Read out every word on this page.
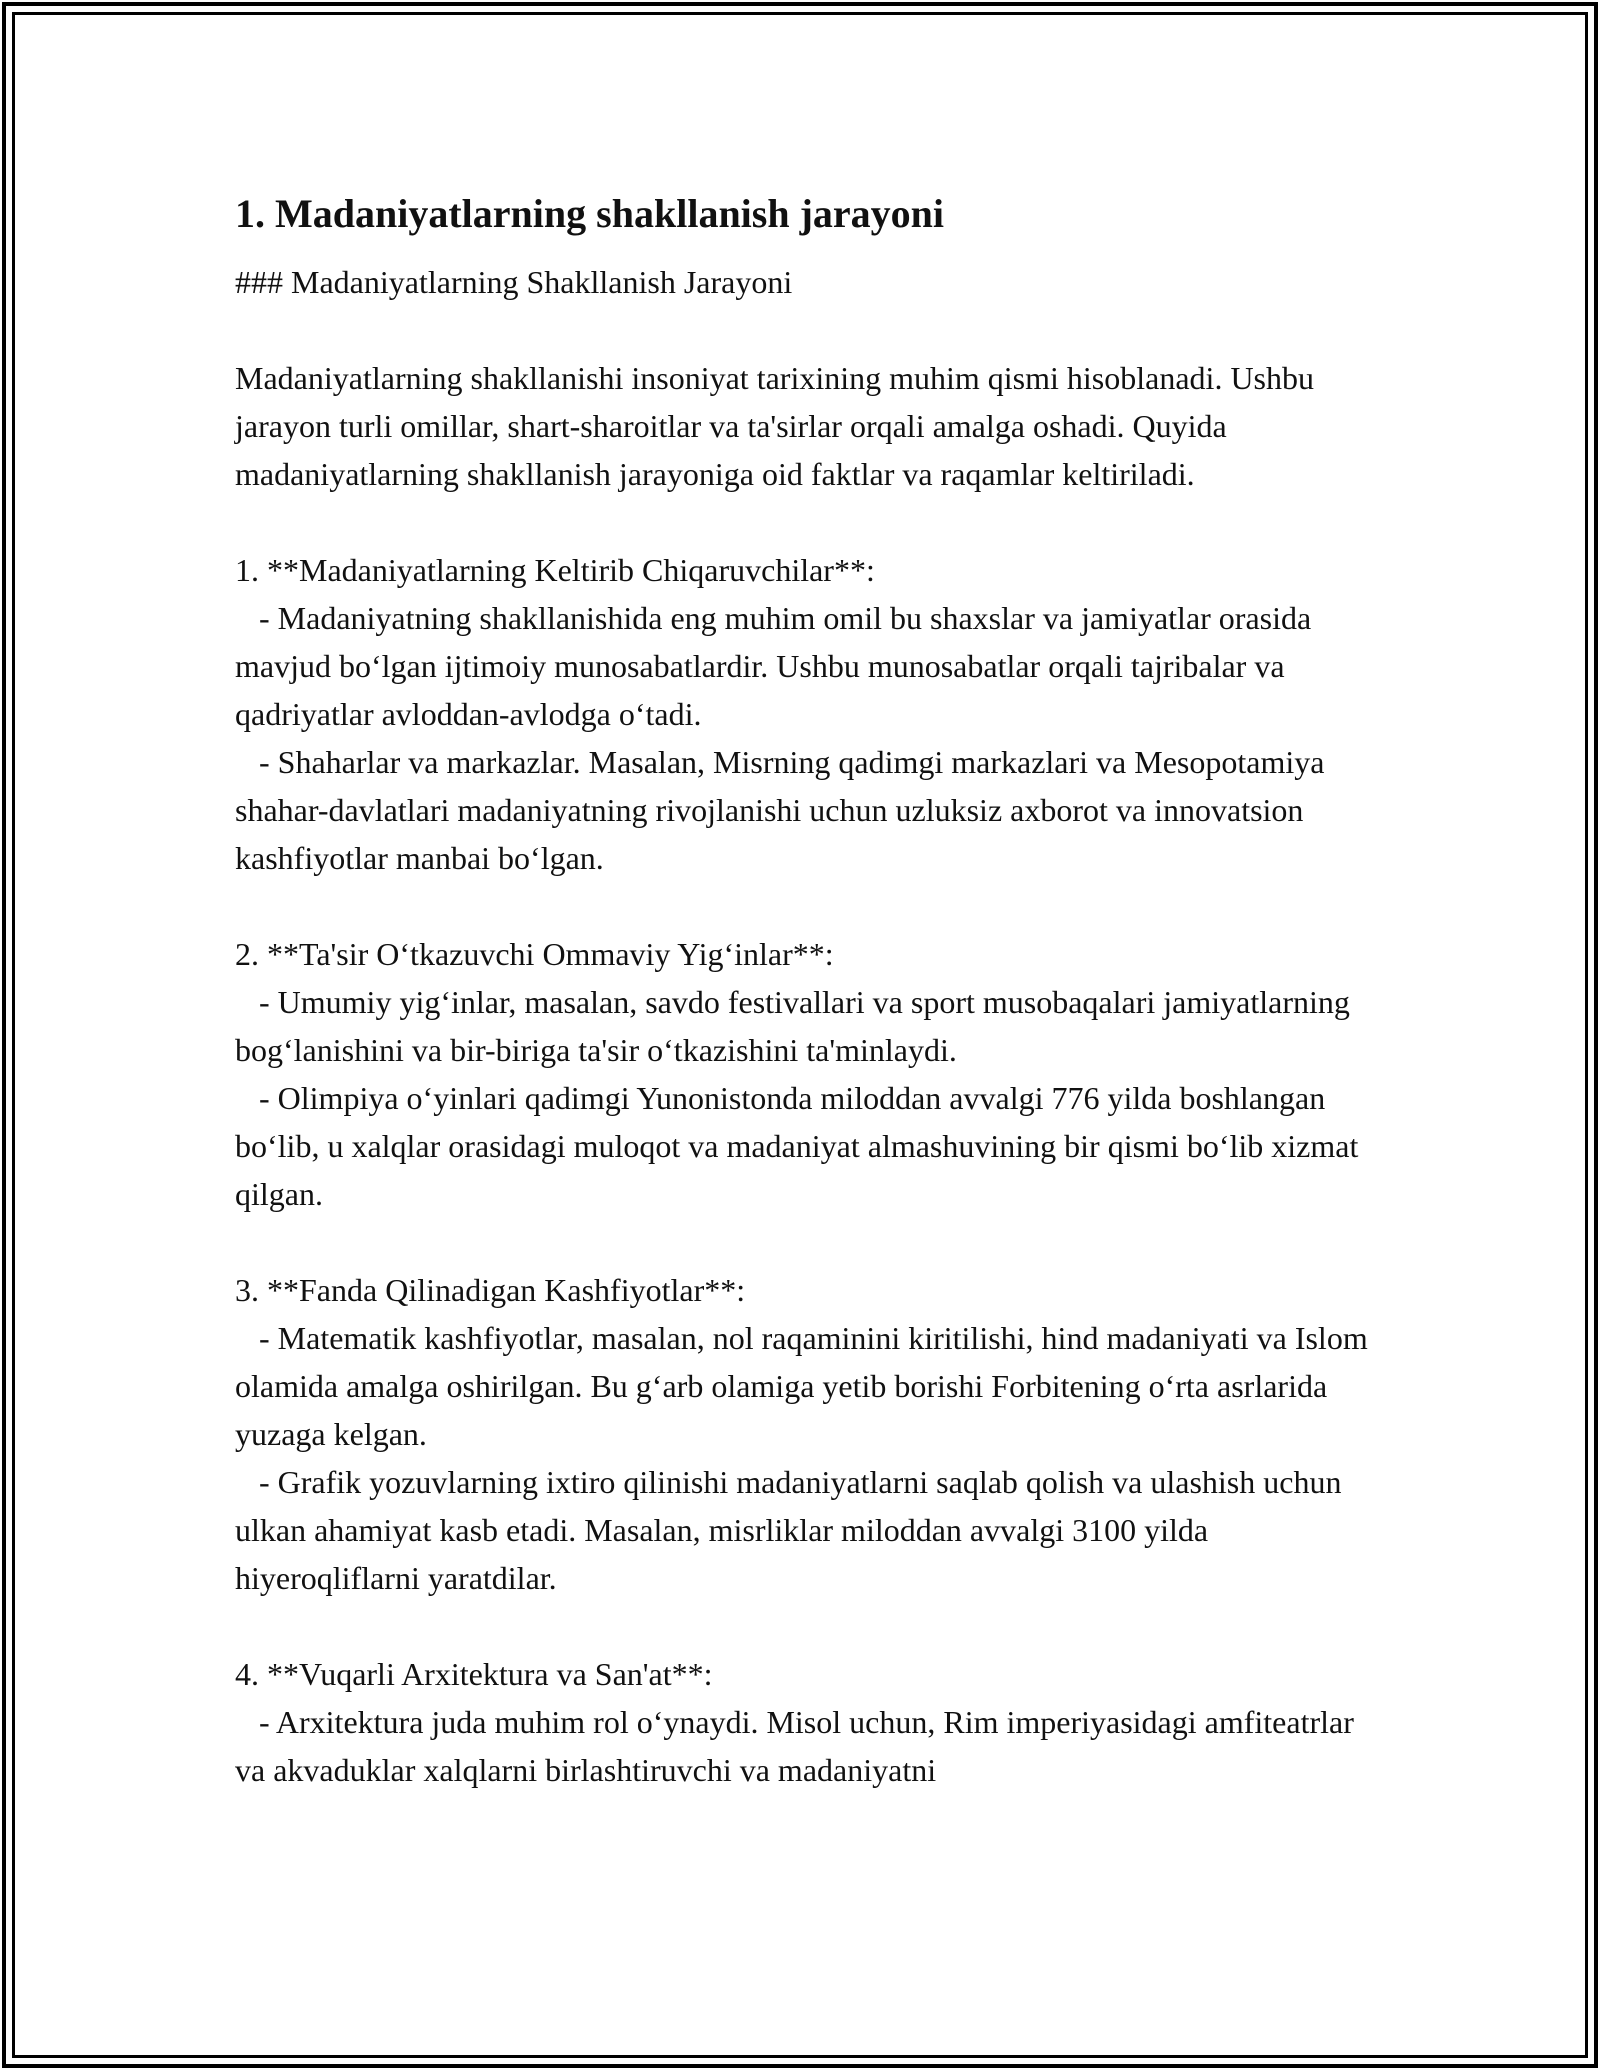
1. Madaniyatlarning shakllanish jarayoni

### Madaniyatlarning Shakllanish Jarayoni

Madaniyatlarning shakllanishi insoniyat tarixining muhim qismi hisoblanadi. Ushbu jarayon turli omillar, shart-sharoitlar va ta'sirlar orqali amalga oshadi. Quyida madaniyatlarning shakllanish jarayoniga oid faktlar va raqamlar keltiriladi.

1. **Madaniyatlarning Keltirib Chiqaruvchilar**:
- Madaniyatning shakllanishida eng muhim omil bu shaxslar va jamiyatlar orasida mavjud bo‘lgan ijtimoiy munosabatlardir. Ushbu munosabatlar orqali tajribalar va qadriyatlar avloddan-avlodga o‘tadi.
- Shaharlar va markazlar. Masalan, Misrning qadimgi markazlari va Mesopotamiya shahar-davlatlari madaniyatning rivojlanishi uchun uzluksiz axborot va innovatsion kashfiyotlar manbai bo‘lgan.
2. **Ta'sir O‘tkazuvchi Ommaviy Yig‘inlar**:
- Umumiy yig‘inlar, masalan, savdo festivallari va sport musobaqalari jamiyatlarning bog‘lanishini va bir-biriga ta'sir o‘tkazishini ta'minlaydi.
- Olimpiya o‘yinlari qadimgi Yunonistonda miloddan avvalgi 776 yilda boshlangan bo‘lib, u xalqlar orasidagi muloqot va madaniyat almashuvining bir qismi bo‘lib xizmat qilgan.
3. **Fanda Qilinadigan Kashfiyotlar**:
- Matematik kashfiyotlar, masalan, nol raqaminini kiritilishi, hind madaniyati va Islom olamida amalga oshirilgan. Bu g‘arb olamiga yetib borishi Forbitening o‘rta asrlarida yuzaga kelgan.
- Grafik yozuvlarning ixtiro qilinishi madaniyatlarni saqlab qolish va ulashish uchun ulkan ahamiyat kasb etadi. Masalan, misrliklar miloddan avvalgi 3100 yilda hiyeroqliflarni yaratdilar.
4. **Vuqarli Arxitektura va San'at**:
- Arxitektura juda muhim rol o‘ynaydi. Misol uchun, Rim imperiyasidagi amfiteatrlar va akvaduklar xalqlarni birlashtiruvchi va madaniyatni
